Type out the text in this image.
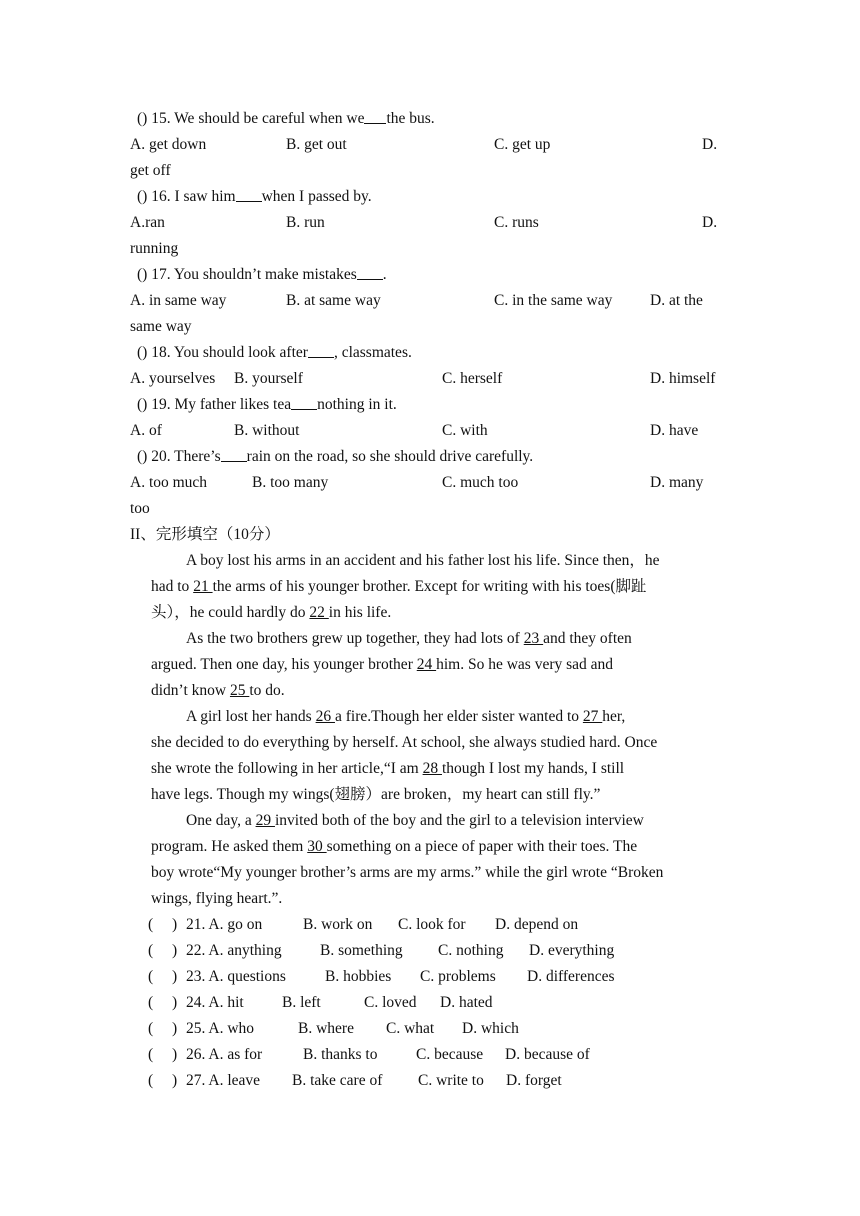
() 15. We should be careful when we the bus.
A. get down	B. get out	C. get up	D.
get off
() 16. I saw him when I passed by.
A.ran	B. run	C. runs	D.
running
() 17. You shouldn’t make mistakes .
A. in same way	B. at same way	C. in the same way D. at the
same way
() 18. You should look after , classmates.
A. yourselves B. yourself	C. herself	D. himself
() 19. My father likes tea nothing in it.
A. of	B. without	C. with	D. have
() 20. There’s rain on the road, so she should drive carefully.
A. too much	B. too many	C. much too	D. many
too
II、完形填空（10分）
A boy lost his arms in an accident and his father lost his life. Since then，he
had to 21 the arms of his younger brother. Except for writing with his toes(脚趾
头），he could hardly do 22 in his life.
As the two brothers grew up together, they had lots of 23 and they often
argued. Then one day, his younger brother 24 him. So he was very sad and
didn’t know 25 to do.
A girl lost her hands 26 a fire.Though her elder sister wanted to 27 her,
she decided to do everything by herself. At school, she always studied hard. Once
she wrote the following in her article,“I am 28 though I lost my hands, I still
have legs. Though my wings(翅膀）are broken，my heart can still fly.”
One day, a 29 invited both of the boy and the girl to a television interview
program. He asked them 30 something on a piece of paper with their toes. The
boy wrote“My younger brother’s arms are my arms.” while the girl wrote “Broken
wings, flying heart.”.
( ) 21. A. go on	B. work on C. look for D. depend on
( ) 22. A. anything B. something C. nothing D. everything
( ) 23. A. questions	B. hobbies C. problems D. differences
( ) 24. A. hit B. left	C. loved D. hated
( ) 25. A. who	B. where C. what D. which
( ) 26. A. as for	B. thanks to C. because D. because of
( ) 27. A. leave B. take care of C. write to D. forget
